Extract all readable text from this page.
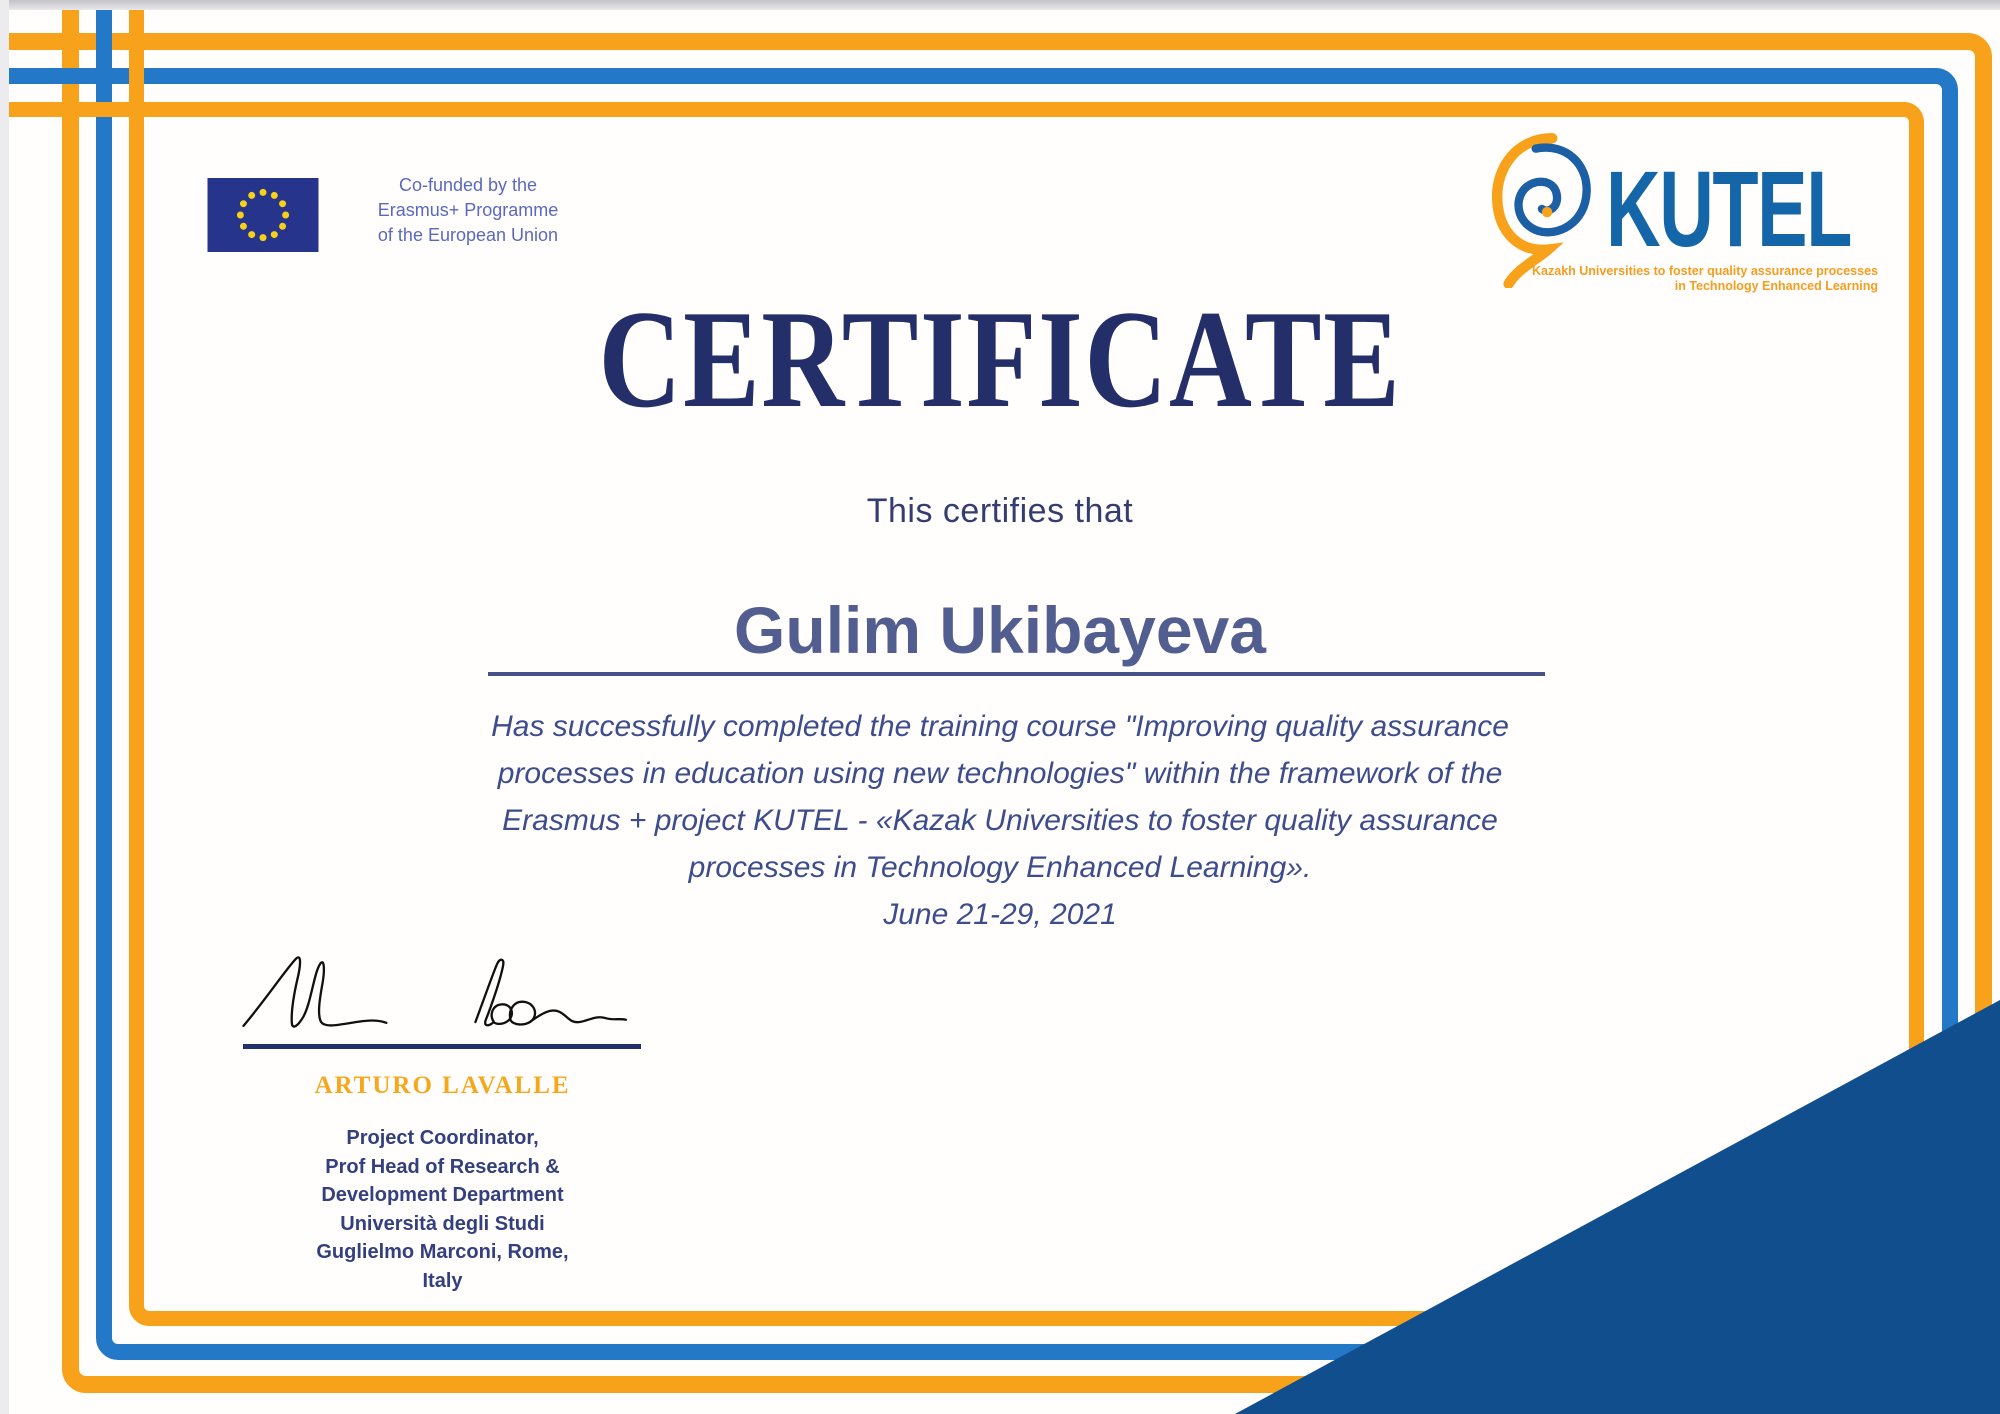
Co-funded by the
Erasmus+ Programme
of the European Union	KUTEL
Kazakh Universities to foster quality assurance processes
in Technology Enhanced Learning
CERTIFICATE
This certifies that
Gulim Ukibayeva
Has successfully completed the training course "Improving quality assurance
processes in education using new technologies" within the framework of the
Erasmus + project KUTEL - «Kazak Universities to foster quality assurance
processes in Technology Enhanced Learning».
June 21-29, 2021
ARTURO LAVALLE
Project Coordinator,
Prof Head of Research &
Development Department
Università degli Studi
Guglielmo Marconi, Rome,
Italy
